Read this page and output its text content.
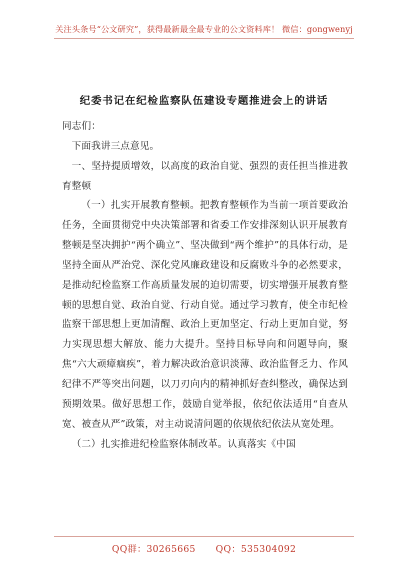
关注头条号“公文研究”，获得最新最全最专业的公文资料库！ 微信：gongwenyj
纪委书记在纪检监察队伍建设专题推进会上的讲话

同志们：

下面我讲三点意见。

一、坚持提质增效，以高度的政治自觉、强烈的责任担当推进教育整顿

（一）扎实开展教育整顿。把教育整顿作为当前一项首要政治任务，全面贯彻党中央决策部署和省委工作安排深刻认识开展教育整顿是坚决拥护“两个确立”、坚决做到“两个维护”的具体行动，是坚持全面从严治党、深化党风廉政建设和反腐败斗争的必然要求，是推动纪检监察工作高质量发展的迫切需要，切实增强开展教育整顿的思想自觉、政治自觉、行动自觉。通过学习教育，使全市纪检监察干部思想上更加清醒、政治上更加坚定、行动上更加自觉，努力实现思想大解放、能力大提升。坚持目标导向和问题导向，聚焦“六大顽瘴痼疾”，着力解决政治意识淡薄、政治监督乏力、作风纪律不严等突出问题，以刀刃向内的精神抓好查纠整改，确保达到预期效果。做好思想工作，鼓励自觉举报，依纪依法适用“自查从宽、被查从严”政策，对主动说清问题的依规依纪依法从宽处理。

（二）扎实推进纪检监察体制改革。认真落实《中国

QQ群：30265665 QQ：535304092
